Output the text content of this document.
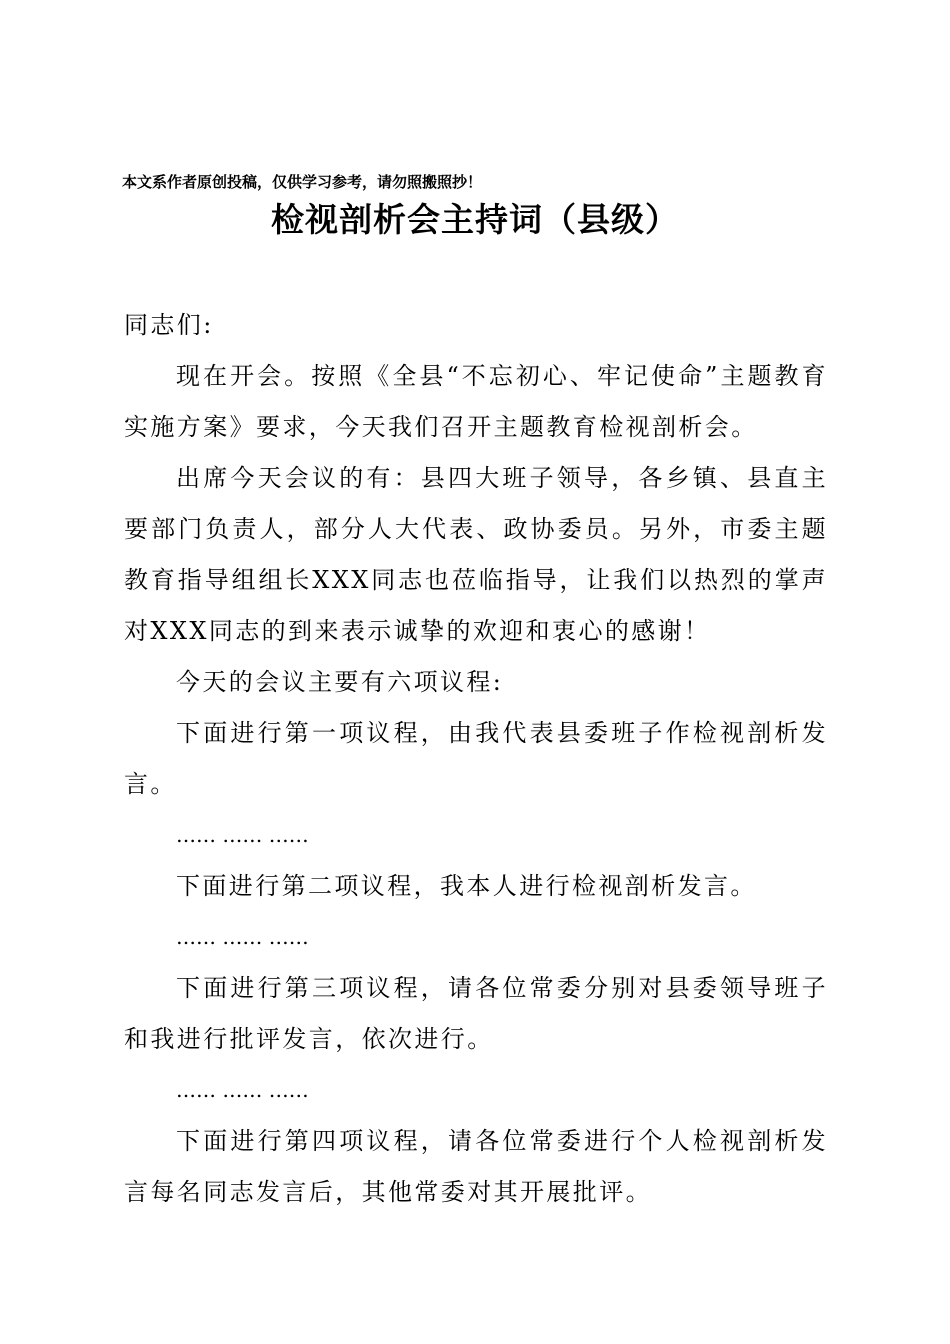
本文系作者原创投稿，仅供学习参考，请勿照搬照抄！
检视剖析会主持词（县级）

同志们:

现在开会。按照《全县“不忘初心、牢记使命”主题教育实施方案》要求，今天我们召开主题教育检视剖析会。

出席今天会议的有：县四大班子领导，各乡镇、县直主要部门负责人，部分人大代表、政协委员。另外，市委主题教育指导组组长XXX同志也莅临指导，让我们以热烈的掌声对XXX同志的到来表示诚挚的欢迎和衷心的感谢！

今天的会议主要有六项议程:

下面进行第一项议程，由我代表县委班子作检视剖析发言。

…… …… ……

下面进行第二项议程，我本人进行检视剖析发言。

…… …… ……

下面进行第三项议程，请各位常委分别对县委领导班子和我进行批评发言，依次进行。

…… …… ……

下面进行第四项议程，请各位常委进行个人检视剖析发言每名同志发言后，其他常委对其开展批评。
